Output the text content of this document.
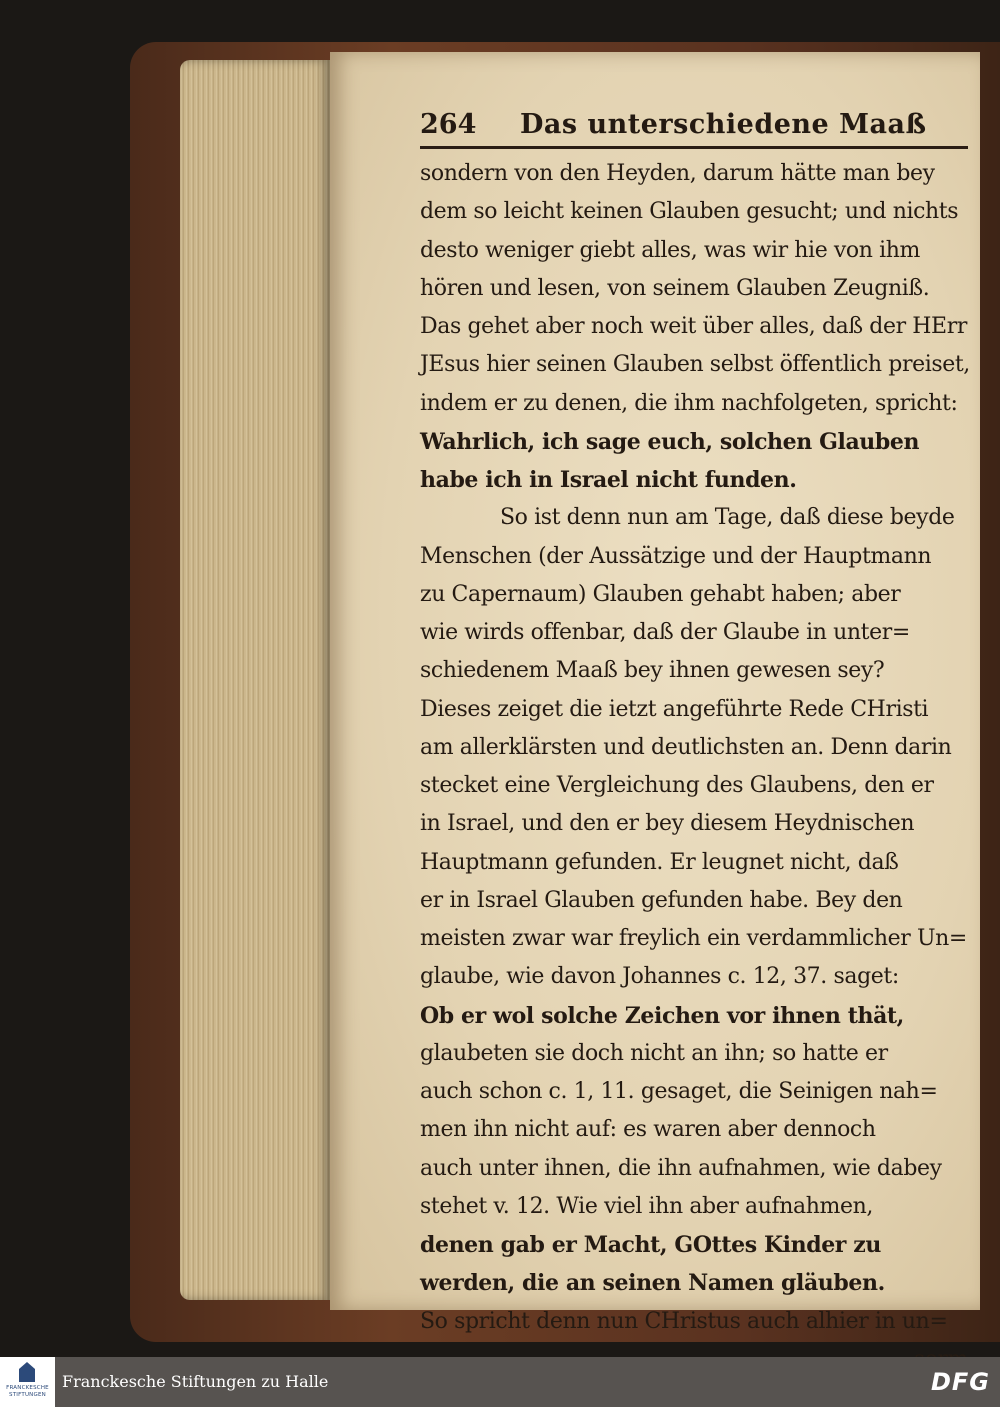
264 Das unterschiedene Maaß
sondern von den Heyden, darum hätte man bey
dem so leicht keinen Glauben gesucht; und nichts
desto weniger giebt alles, was wir hie von ihm
hören und lesen, von seinem Glauben Zeugniß.
Das gehet aber noch weit über alles, daß der HErr
JEsus hier seinen Glauben selbst öffentlich preiset,
indem er zu denen, die ihm nachfolgeten, spricht:
Wahrlich, ich sage euch, solchen Glauben
habe ich in Israel nicht funden.
So ist denn nun am Tage, daß diese beyde
Menschen (der Aussätzige und der Hauptmann
zu Capernaum) Glauben gehabt haben; aber
wie wirds offenbar, daß der Glaube in unter=
schiedenem Maaß bey ihnen gewesen sey?
Dieses zeiget die ietzt angeführte Rede CHristi
am allerklärsten und deutlichsten an. Denn darin
stecket eine Vergleichung des Glaubens, den er
in Israel, und den er bey diesem Heydnischen
Hauptmann gefunden. Er leugnet nicht, daß
er in Israel Glauben gefunden habe. Bey den
meisten zwar war freylich ein verdammlicher Un=
glaube, wie davon Johannes c. 12, 37. saget:
Ob er wol solche Zeichen vor ihnen thät,
glaubeten sie doch nicht an ihn; so hatte er
auch schon c. 1, 11. gesaget, die Seinigen nah=
men ihn nicht auf: es waren aber dennoch
auch unter ihnen, die ihn aufnahmen, wie dabey
stehet v. 12. Wie viel ihn aber aufnahmen,
denen gab er Macht, GOttes Kinder zu
werden, die an seinen Namen gläuben.
So spricht denn nun CHristus auch alhier in un=
FRANCKESCHE
STIFTUNGEN
Franckesche Stiftungen zu Halle	DFG
